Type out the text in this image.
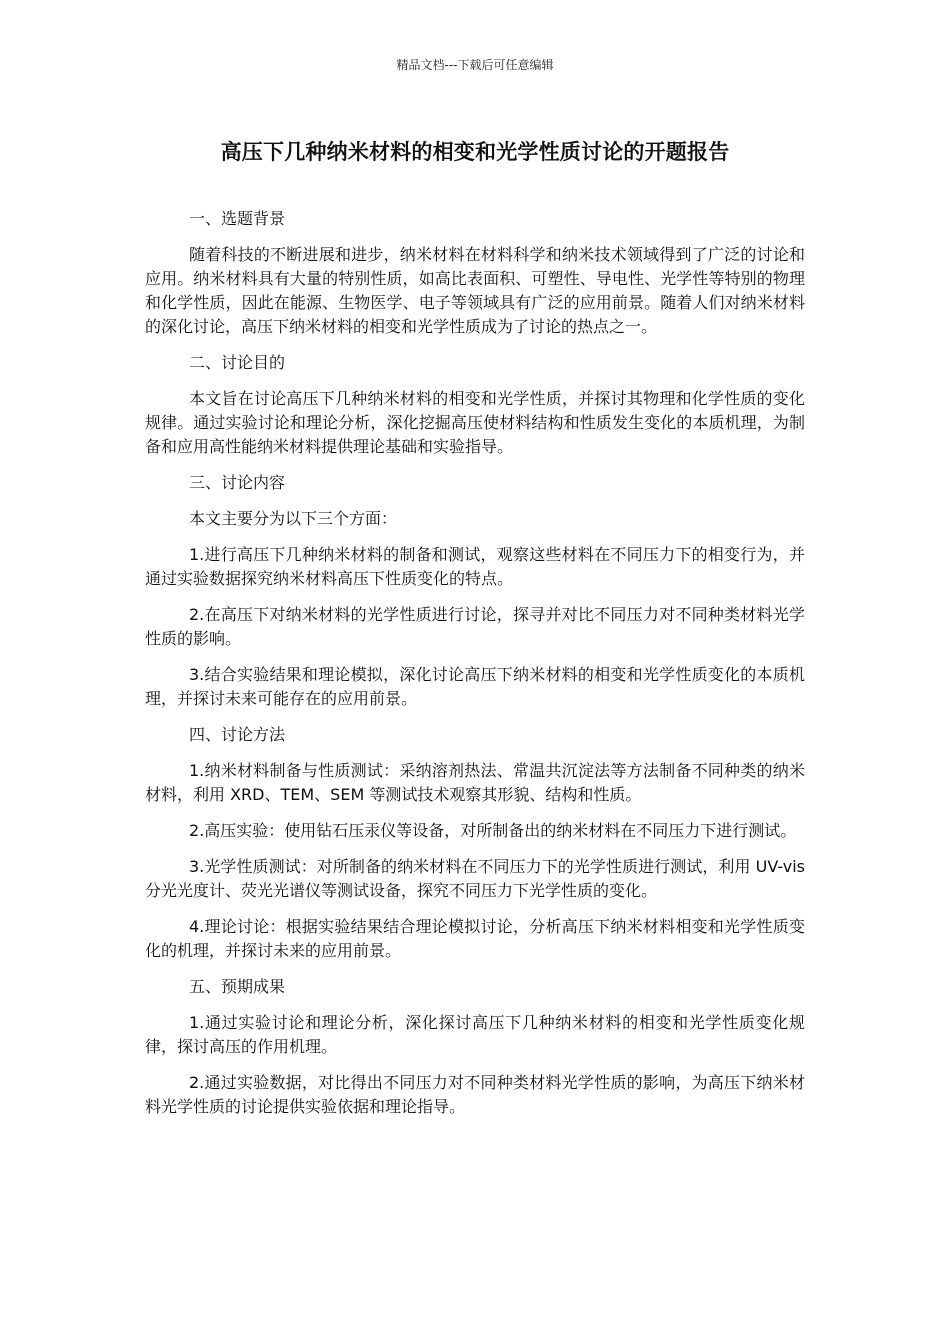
精品文档---下载后可任意编辑
高压下几种纳米材料的相变和光学性质讨论的开题报告

一、选题背景

随着科技的不断进展和进步，纳米材料在材料科学和纳米技术领域得到了广泛的讨论和应用。纳米材料具有大量的特别性质，如高比表面积、可塑性、导电性、光学性等特别的物理和化学性质，因此在能源、生物医学、电子等领域具有广泛的应用前景。随着人们对纳米材料的深化讨论，高压下纳米材料的相变和光学性质成为了讨论的热点之一。

二、讨论目的

本文旨在讨论高压下几种纳米材料的相变和光学性质，并探讨其物理和化学性质的变化规律。通过实验讨论和理论分析，深化挖掘高压使材料结构和性质发生变化的本质机理，为制备和应用高性能纳米材料提供理论基础和实验指导。

三、讨论内容

本文主要分为以下三个方面：

1.进行高压下几种纳米材料的制备和测试，观察这些材料在不同压力下的相变行为，并通过实验数据探究纳米材料高压下性质变化的特点。

2.在高压下对纳米材料的光学性质进行讨论，探寻并对比不同压力对不同种类材料光学性质的影响。

3.结合实验结果和理论模拟，深化讨论高压下纳米材料的相变和光学性质变化的本质机理，并探讨未来可能存在的应用前景。

四、讨论方法

1.纳米材料制备与性质测试：采纳溶剂热法、常温共沉淀法等方法制备不同种类的纳米材料，利用 XRD、TEM、SEM 等测试技术观察其形貌、结构和性质。

2.高压实验：使用钻石压汞仪等设备，对所制备出的纳米材料在不同压力下进行测试。

3.光学性质测试：对所制备的纳米材料在不同压力下的光学性质进行测试，利用 UV-vis 分光光度计、荧光光谱仪等测试设备，探究不同压力下光学性质的变化。

4.理论讨论：根据实验结果结合理论模拟讨论，分析高压下纳米材料相变和光学性质变化的机理，并探讨未来的应用前景。

五、预期成果

1.通过实验讨论和理论分析，深化探讨高压下几种纳米材料的相变和光学性质变化规律，探讨高压的作用机理。

2.通过实验数据，对比得出不同压力对不同种类材料光学性质的影响，为高压下纳米材料光学性质的讨论提供实验依据和理论指导。
